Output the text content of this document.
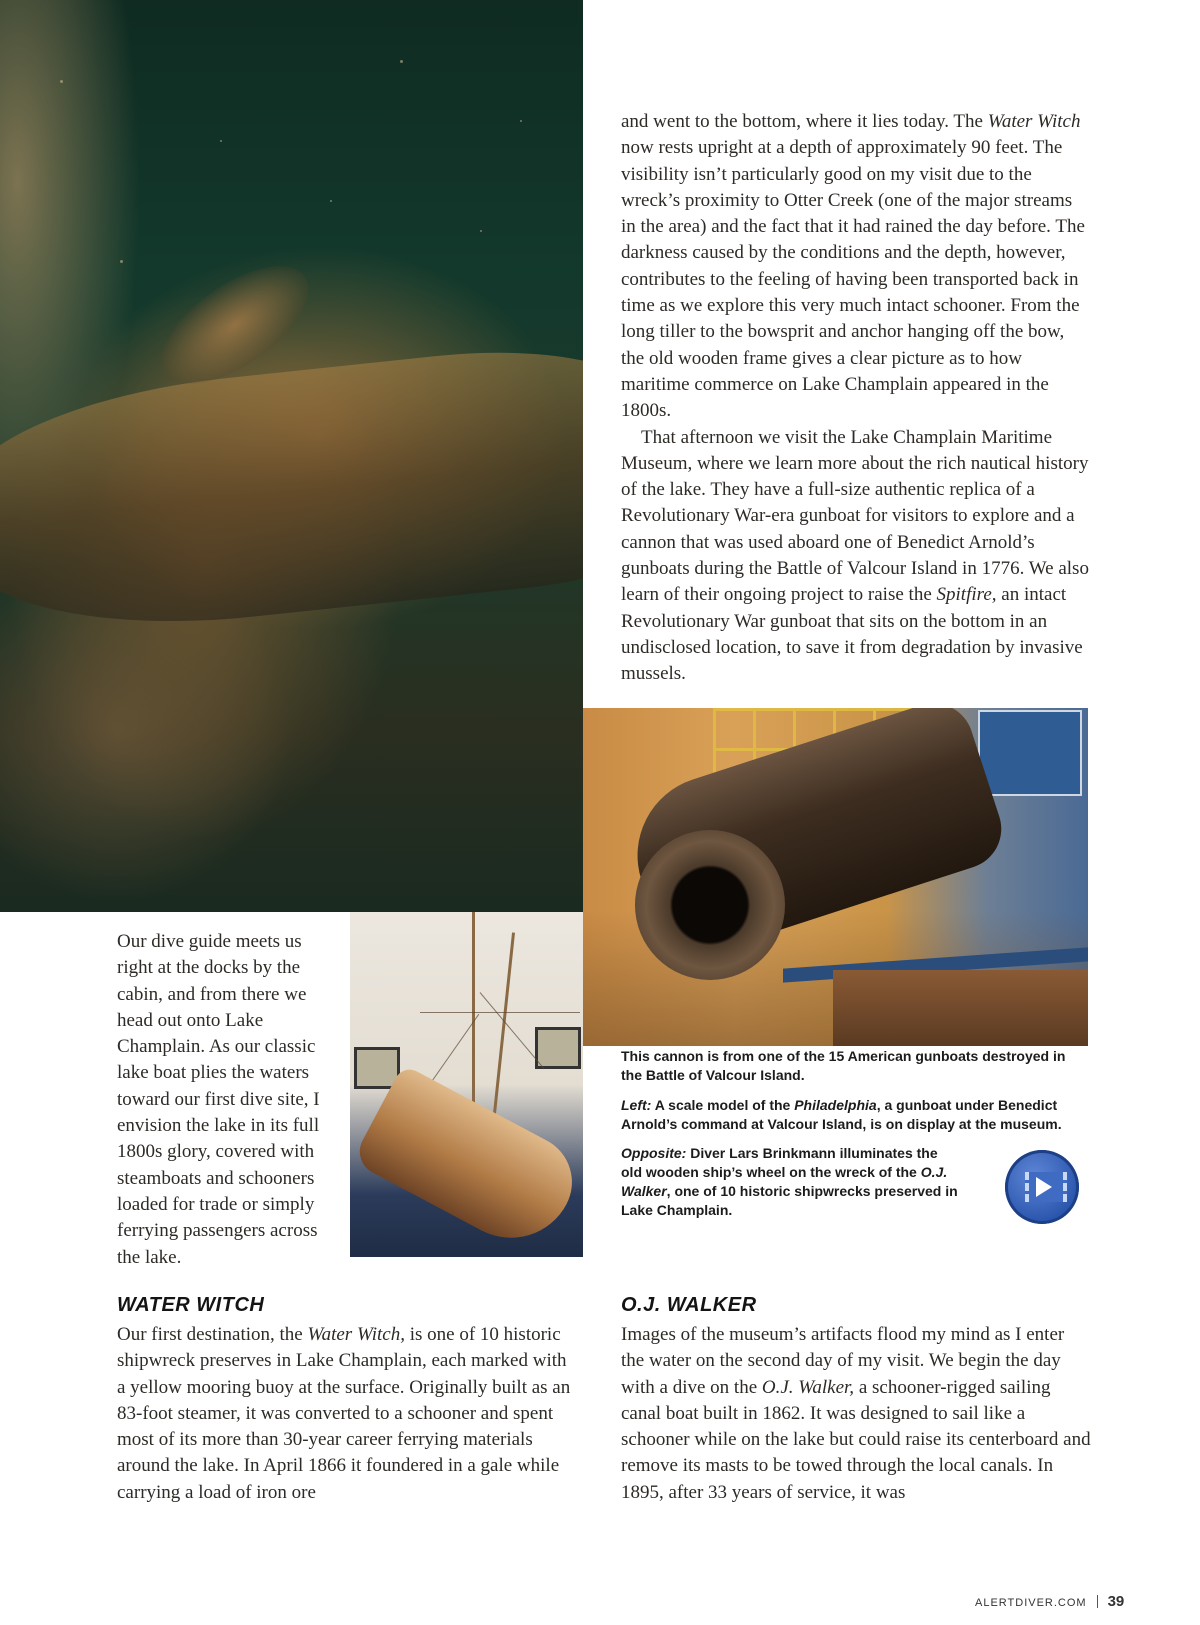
and went to the bottom, where it lies today. The Water Witch now rests upright at a depth of approximately 90 feet. The visibility isn’t particularly good on my visit due to the wreck’s proximity to Otter Creek (one of the major streams in the area) and the fact that it had rained the day before. The darkness caused by the conditions and the depth, however, contributes to the feeling of having been transported back in time as we explore this very much intact schooner. From the long tiller to the bowsprit and anchor hanging off the bow, the old wooden frame gives a clear picture as to how maritime commerce on Lake Champlain appeared in the 1800s.

That afternoon we visit the Lake Champlain Maritime Museum, where we learn more about the rich nautical history of the lake. They have a full-size authentic replica of a Revolutionary War-era gunboat for visitors to explore and a cannon that was used aboard one of Benedict Arnold’s gunboats during the Battle of Valcour Island in 1776. We also learn of their ongoing project to raise the Spitfire, an intact Revolutionary War gunboat that sits on the bottom in an undisclosed location, to save it from degradation by invasive mussels.

Our dive guide meets us right at the docks by the cabin, and from there we head out onto Lake Champlain. As our classic lake boat plies the waters toward our first dive site, I envision the lake in its full 1800s glory, covered with steamboats and schooners loaded for trade or simply ferrying passengers across the lake.

This cannon is from one of the 15 American gunboats destroyed in the Battle of Valcour Island.
Left: A scale model of the Philadelphia, a gunboat under Benedict Arnold’s command at Valcour Island, is on display at the museum.
Opposite: Diver Lars Brinkmann illuminates the old wooden ship’s wheel on the wreck of the O.J. Walker, one of 10 historic shipwrecks preserved in Lake Champlain.
WATER WITCH	O.J. WALKER

Our first destination, the Water Witch, is one of 10 historic shipwreck preserves in Lake Champlain, each marked with a yellow mooring buoy at the surface. Originally built as an 83-foot steamer, it was converted to a schooner and spent most of its more than 30-year career ferrying materials around the lake. In April 1866 it foundered in a gale while carrying a load of iron ore

Images of the museum’s artifacts flood my mind as I enter the water on the second day of my visit. We begin the day with a dive on the O.J. Walker, a schooner-rigged sailing canal boat built in 1862. It was designed to sail like a schooner while on the lake but could raise its centerboard and remove its masts to be towed through the local canals. In 1895, after 33 years of service, it was

ALERTDIVER.COM 39
